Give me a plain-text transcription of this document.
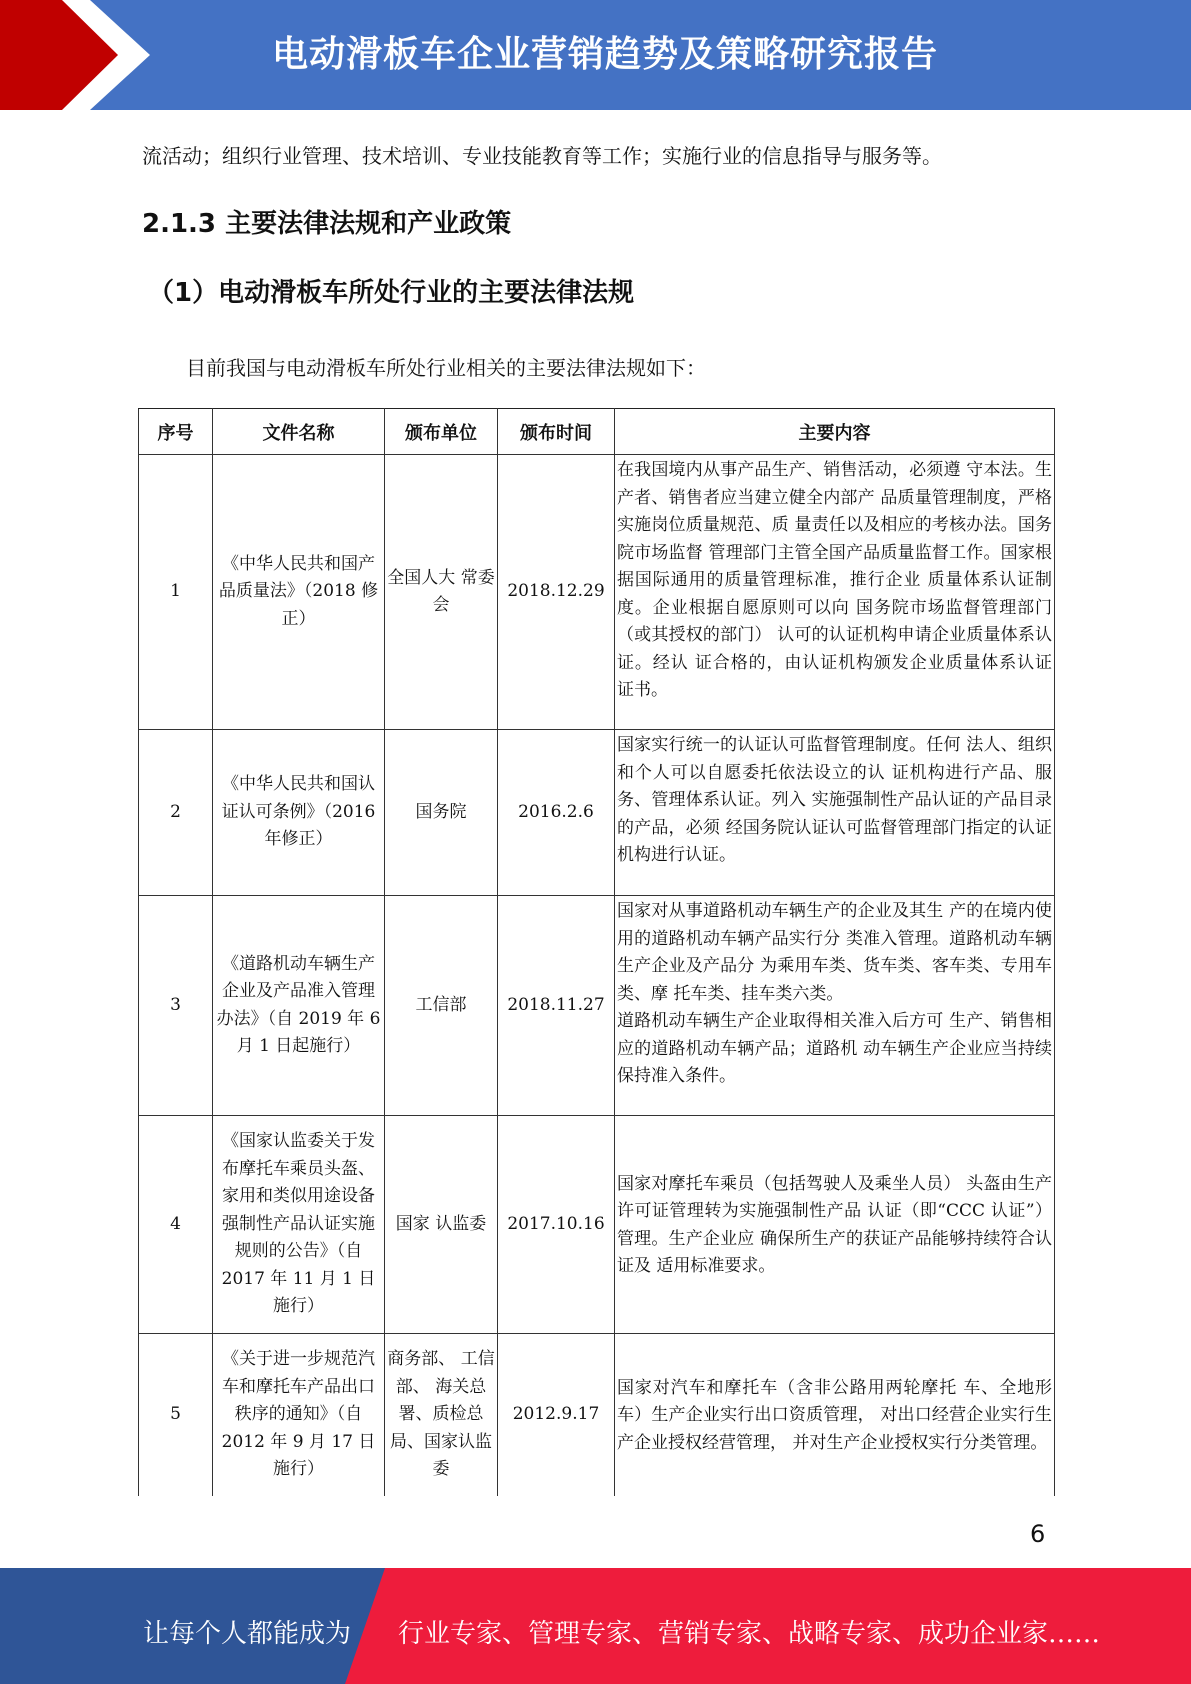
电动滑板车企业营销趋势及策略研究报告
流活动；组织行业管理、技术培训、专业技能教育等工作；实施行业的信息指导与服务等。
2.1.3 主要法律法规和产业政策
（1）电动滑板车所处行业的主要法律法规
目前我国与电动滑板车所处行业相关的主要法律法规如下：
序号	文件名称	颁布单位	颁布时间	主要内容
1	《中华人民共和国产品质量法》（2018 修正）	全国人大 常委会	2018.12.29	在我国境内从事产品生产、销售活动，必须遵 守本法。生产者、销售者应当建立健全内部产 品质量管理制度，严格实施岗位质量规范、质 量责任以及相应的考核办法。国务院市场监督 管理部门主管全国产品质量监督工作。国家根据国际通用的质量管理标准，推行企业 质量体系认证制度。企业根据自愿原则可以向 国务院市场监督管理部门（或其授权的部门） 认可的认证机构申请企业质量体系认证。经认 证合格的，由认证机构颁发企业质量体系认证 证书。
2	《中华人民共和国认证认可条例》（2016 年修正）	国务院	2016.2.6	国家实行统一的认证认可监督管理制度。任何 法人、组织和个人可以自愿委托依法设立的认 证机构进行产品、服务、管理体系认证。列入 实施强制性产品认证的产品目录的产品，必须 经国务院认证认可监督管理部门指定的认证 机构进行认证。
3	《道路机动车辆生产企业及产品准入管理办法》（自 2019 年 6 月 1 日起施行）	工信部	2018.11.27	国家对从事道路机动车辆生产的企业及其生 产的在境内使用的道路机动车辆产品实行分 类准入管理。道路机动车辆生产企业及产品分 为乘用车类、货车类、客车类、专用车类、摩 托车类、挂车类六类。
道路机动车辆生产企业取得相关准入后方可 生产、销售相应的道路机动车辆产品；道路机 动车辆生产企业应当持续保持准入条件。

4	《国家认监委关于发布摩托车乘员头盔、家用和类似用途设备强制性产品认证实施规则的公告》（自 2017 年 11 月 1 日施行）	国家 认监委	2017.10.16	国家对摩托车乘员（包括驾驶人及乘坐人员） 头盔由生产许可证管理转为实施强制性产品 认证（即“CCC 认证”）管理。生产企业应 确保所生产的获证产品能够持续符合认证及 适用标准要求。
5	《关于进一步规范汽车和摩托车产品出口秩序的通知》（自 2012 年 9 月 17 日施行）	商务部、 工信部、 海关总署、质检总局、国家认监委	2012.9.17	国家对汽车和摩托车（含非公路用两轮摩托 车、全地形车）生产企业实行出口资质管理， 对出口经营企业实行生产企业授权经营管理， 并对生产企业授权实行分类管理。
6
让每个人都能成为 行业专家、管理专家、营销专家、战略专家、成功企业家……
